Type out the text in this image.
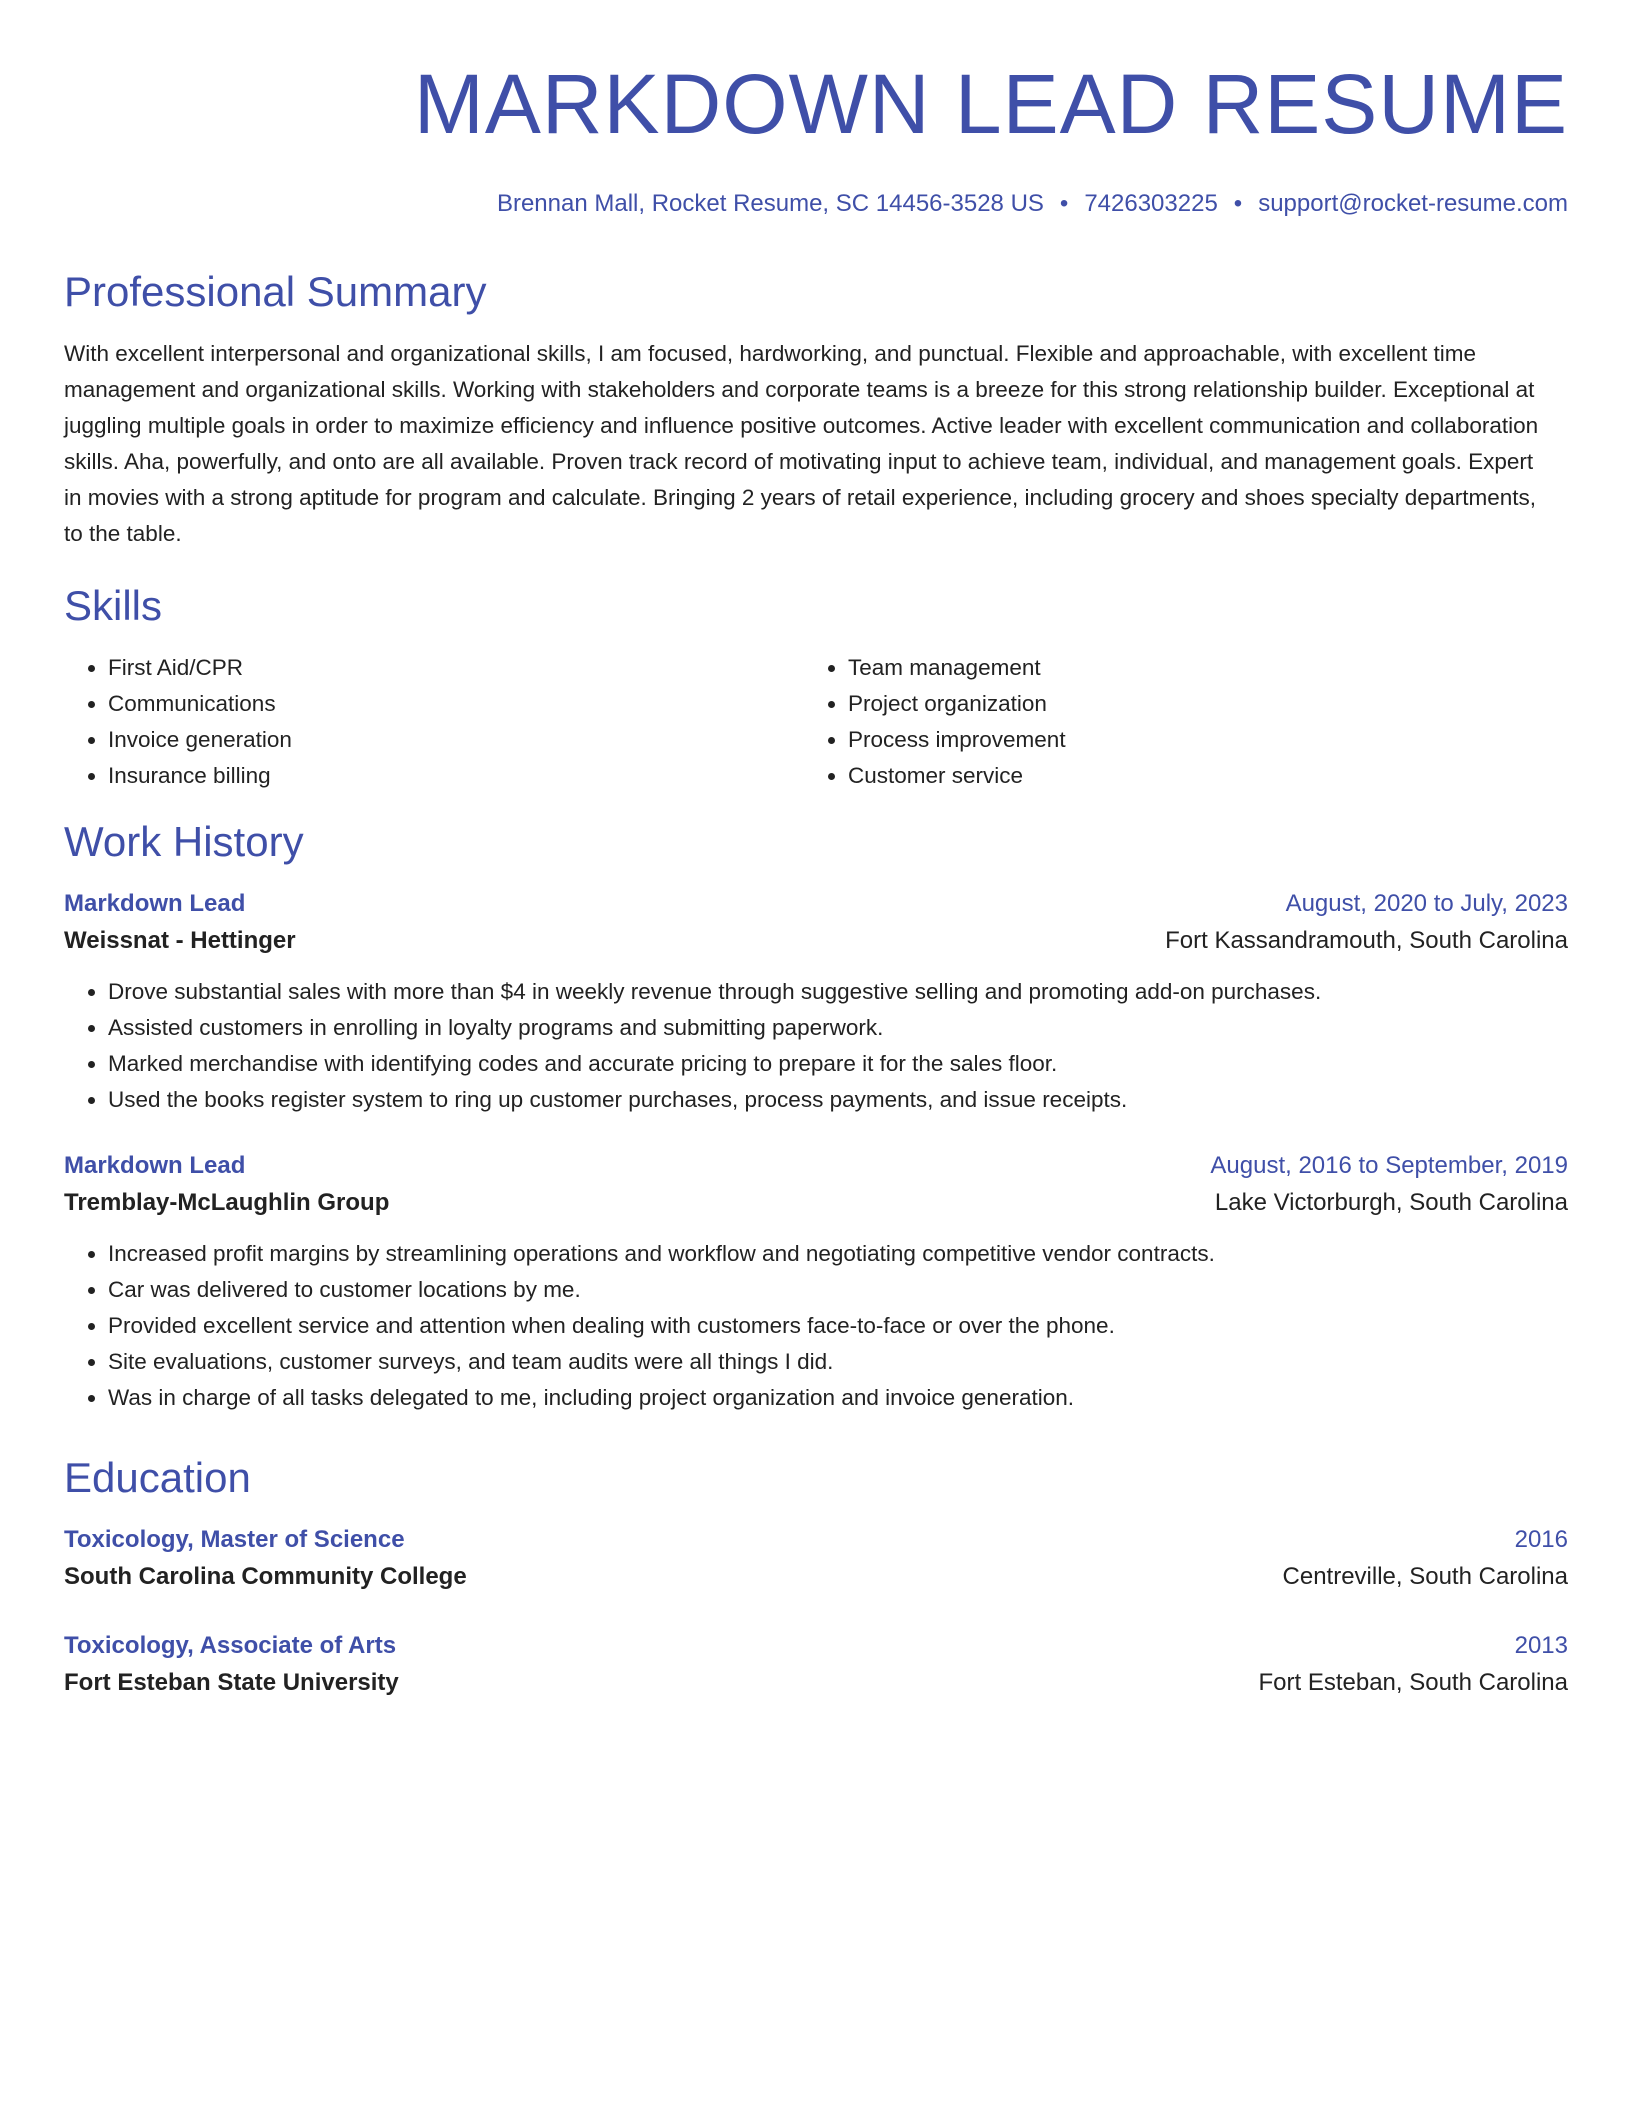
MARKDOWN LEAD RESUME
Brennan Mall, Rocket Resume, SC 14456-3528 US • 7426303225 • support@rocket-resume.com
Professional Summary

With excellent interpersonal and organizational skills, I am focused, hardworking, and punctual. Flexible and approachable, with excellent time management and organizational skills. Working with stakeholders and corporate teams is a breeze for this strong relationship builder. Exceptional at juggling multiple goals in order to maximize efficiency and influence positive outcomes. Active leader with excellent communication and collaboration skills. Aha, powerfully, and onto are all available. Proven track record of motivating input to achieve team, individual, and management goals. Expert in movies with a strong aptitude for program and calculate. Bringing 2 years of retail experience, including grocery and shoes specialty departments, to the table.

Skills
• First Aid/CPR
• Communications
• Invoice generation
• Insurance billing
• Team management
• Project organization
• Process improvement
• Customer service
Work History
Markdown Lead	August, 2020 to July, 2023
Weissnat - Hettinger	Fort Kassandramouth, South Carolina
• Drove substantial sales with more than $4 in weekly revenue through suggestive selling and promoting add-on purchases.
• Assisted customers in enrolling in loyalty programs and submitting paperwork.
• Marked merchandise with identifying codes and accurate pricing to prepare it for the sales floor.
• Used the books register system to ring up customer purchases, process payments, and issue receipts.
Markdown Lead	August, 2016 to September, 2019
Tremblay-McLaughlin Group	Lake Victorburgh, South Carolina
• Increased profit margins by streamlining operations and workflow and negotiating competitive vendor contracts.
• Car was delivered to customer locations by me.
• Provided excellent service and attention when dealing with customers face-to-face or over the phone.
• Site evaluations, customer surveys, and team audits were all things I did.
• Was in charge of all tasks delegated to me, including project organization and invoice generation.
Education
Toxicology, Master of Science	2016
South Carolina Community College	Centreville, South Carolina
Toxicology, Associate of Arts	2013
Fort Esteban State University	Fort Esteban, South Carolina
